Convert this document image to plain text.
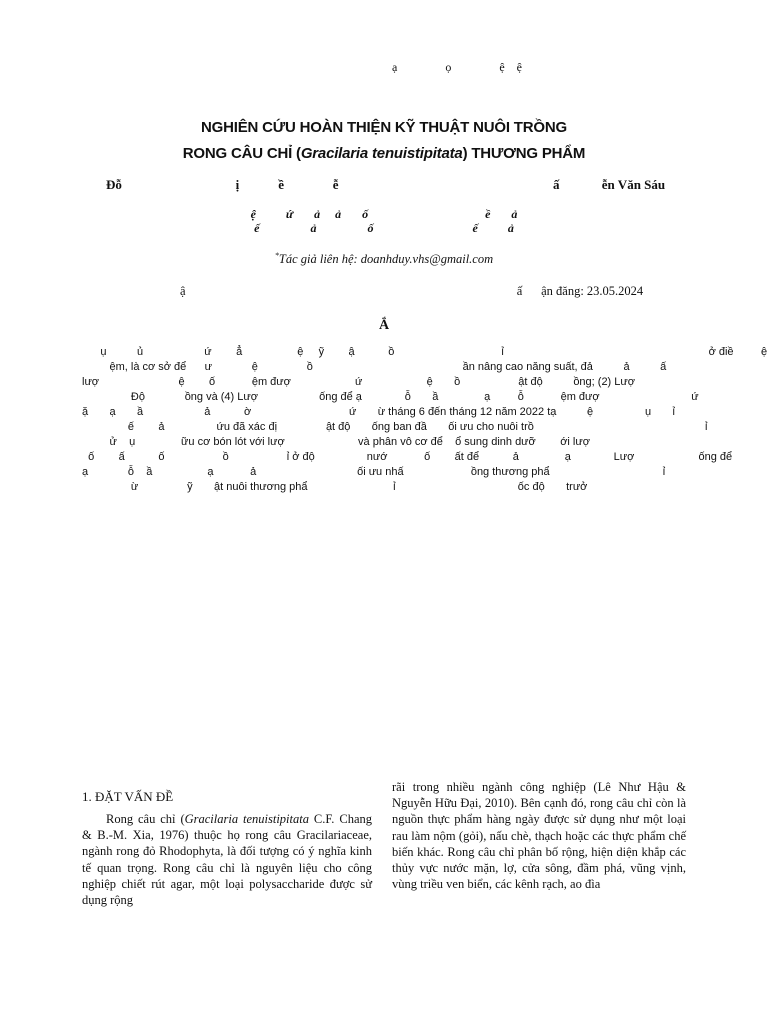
ạ                ọ                ệ    ệ
NGHIÊN CỨU HOÀN THIỆN KỸ THUẬT NUÔI TRỒNG
RONG CÂU CHỈ (Gracilaria tenuistipitata) THƯƠNG PHẨM
Đỗ                                   ị            ề               ễ                                                                  ấ             ễn Văn Sáu
ệ          ứ       ả     ả       ố                                       ề       ả
ế                 ả                 ố                                 ế          ả
*Tác giả liên hệ: doanhduy.vhs@gmail.com
ậ                                                                                                          ấ      ận đăng: 23.05.2024
Ắ
ụ          ủ                    ứ        ẳ                  ệ     ỹ        ậ           ồ                                   ỉ                                                                   ở điề         ệ
ệm, là cơ sở để      ư             ệ                ồ                                                 ần nâng cao năng suất, đả          ả          ấ
lượ                          ệ        ố            ệm đượ                     ứ                     ệ       ồ                   ật độ          ồng; (2) Lượ
Độ             ồng và (4) Lượ                    ống để ạ              ỗ       ầ               ạ         ỗ            ệm đượ                              ứ
ặ       ạ       ầ                    ả           ờ                                ứ       ừ tháng 6 đến tháng 12 năm 2022 tạ          ệ                 ụ       ỉ
ế        ả                 ứu đã xác đị                ật độ       ống ban đầ       ối ưu cho nuôi trồ                                                        ỉ
ử    ụ               ữu cơ bón lót với lượ                        và phân vô cơ để    ổ sung dinh dưỡ        ới lượ
ố        ấ           ố                   ồ                   ỉ ở độ                 nướ            ố        ất để           ả               ạ              Lượ                     ống để
ạ             ỗ    ầ                  ạ            ả                                 ối ưu nhấ                      ồng thương phẩ                                     ỉ
ừ                ỹ       ật nuôi thương phẩ                            ỉ                                        ốc độ       trưở
1. ĐẶT VẤN ĐỀ
Rong câu chỉ (Gracilaria tenuistipitata C.F. Chang & B.-M. Xia, 1976) thuộc họ rong câu Gracilariaceae, ngành rong đỏ Rhodophyta, là đối tượng có ý nghĩa kinh tế quan trọng. Rong câu chỉ là nguyên liệu cho công nghiệp chiết rút agar, một loại polysaccharide được sử dụng rộng
rãi trong nhiều ngành công nghiệp (Lê Như Hậu & Nguyễn Hữu Đại, 2010). Bên cạnh đó, rong câu chỉ còn là nguồn thực phẩm hàng ngày được sử dụng như một loại rau làm nộm (gỏi), nấu chè, thạch hoặc các thực phẩm chế biến khác. Rong câu chỉ phân bố rộng, hiện diện khắp các thủy vực nước mặn, lợ, cửa sông, đầm phá, vũng vịnh, vùng triều ven biển, các kênh rạch, ao đìa
